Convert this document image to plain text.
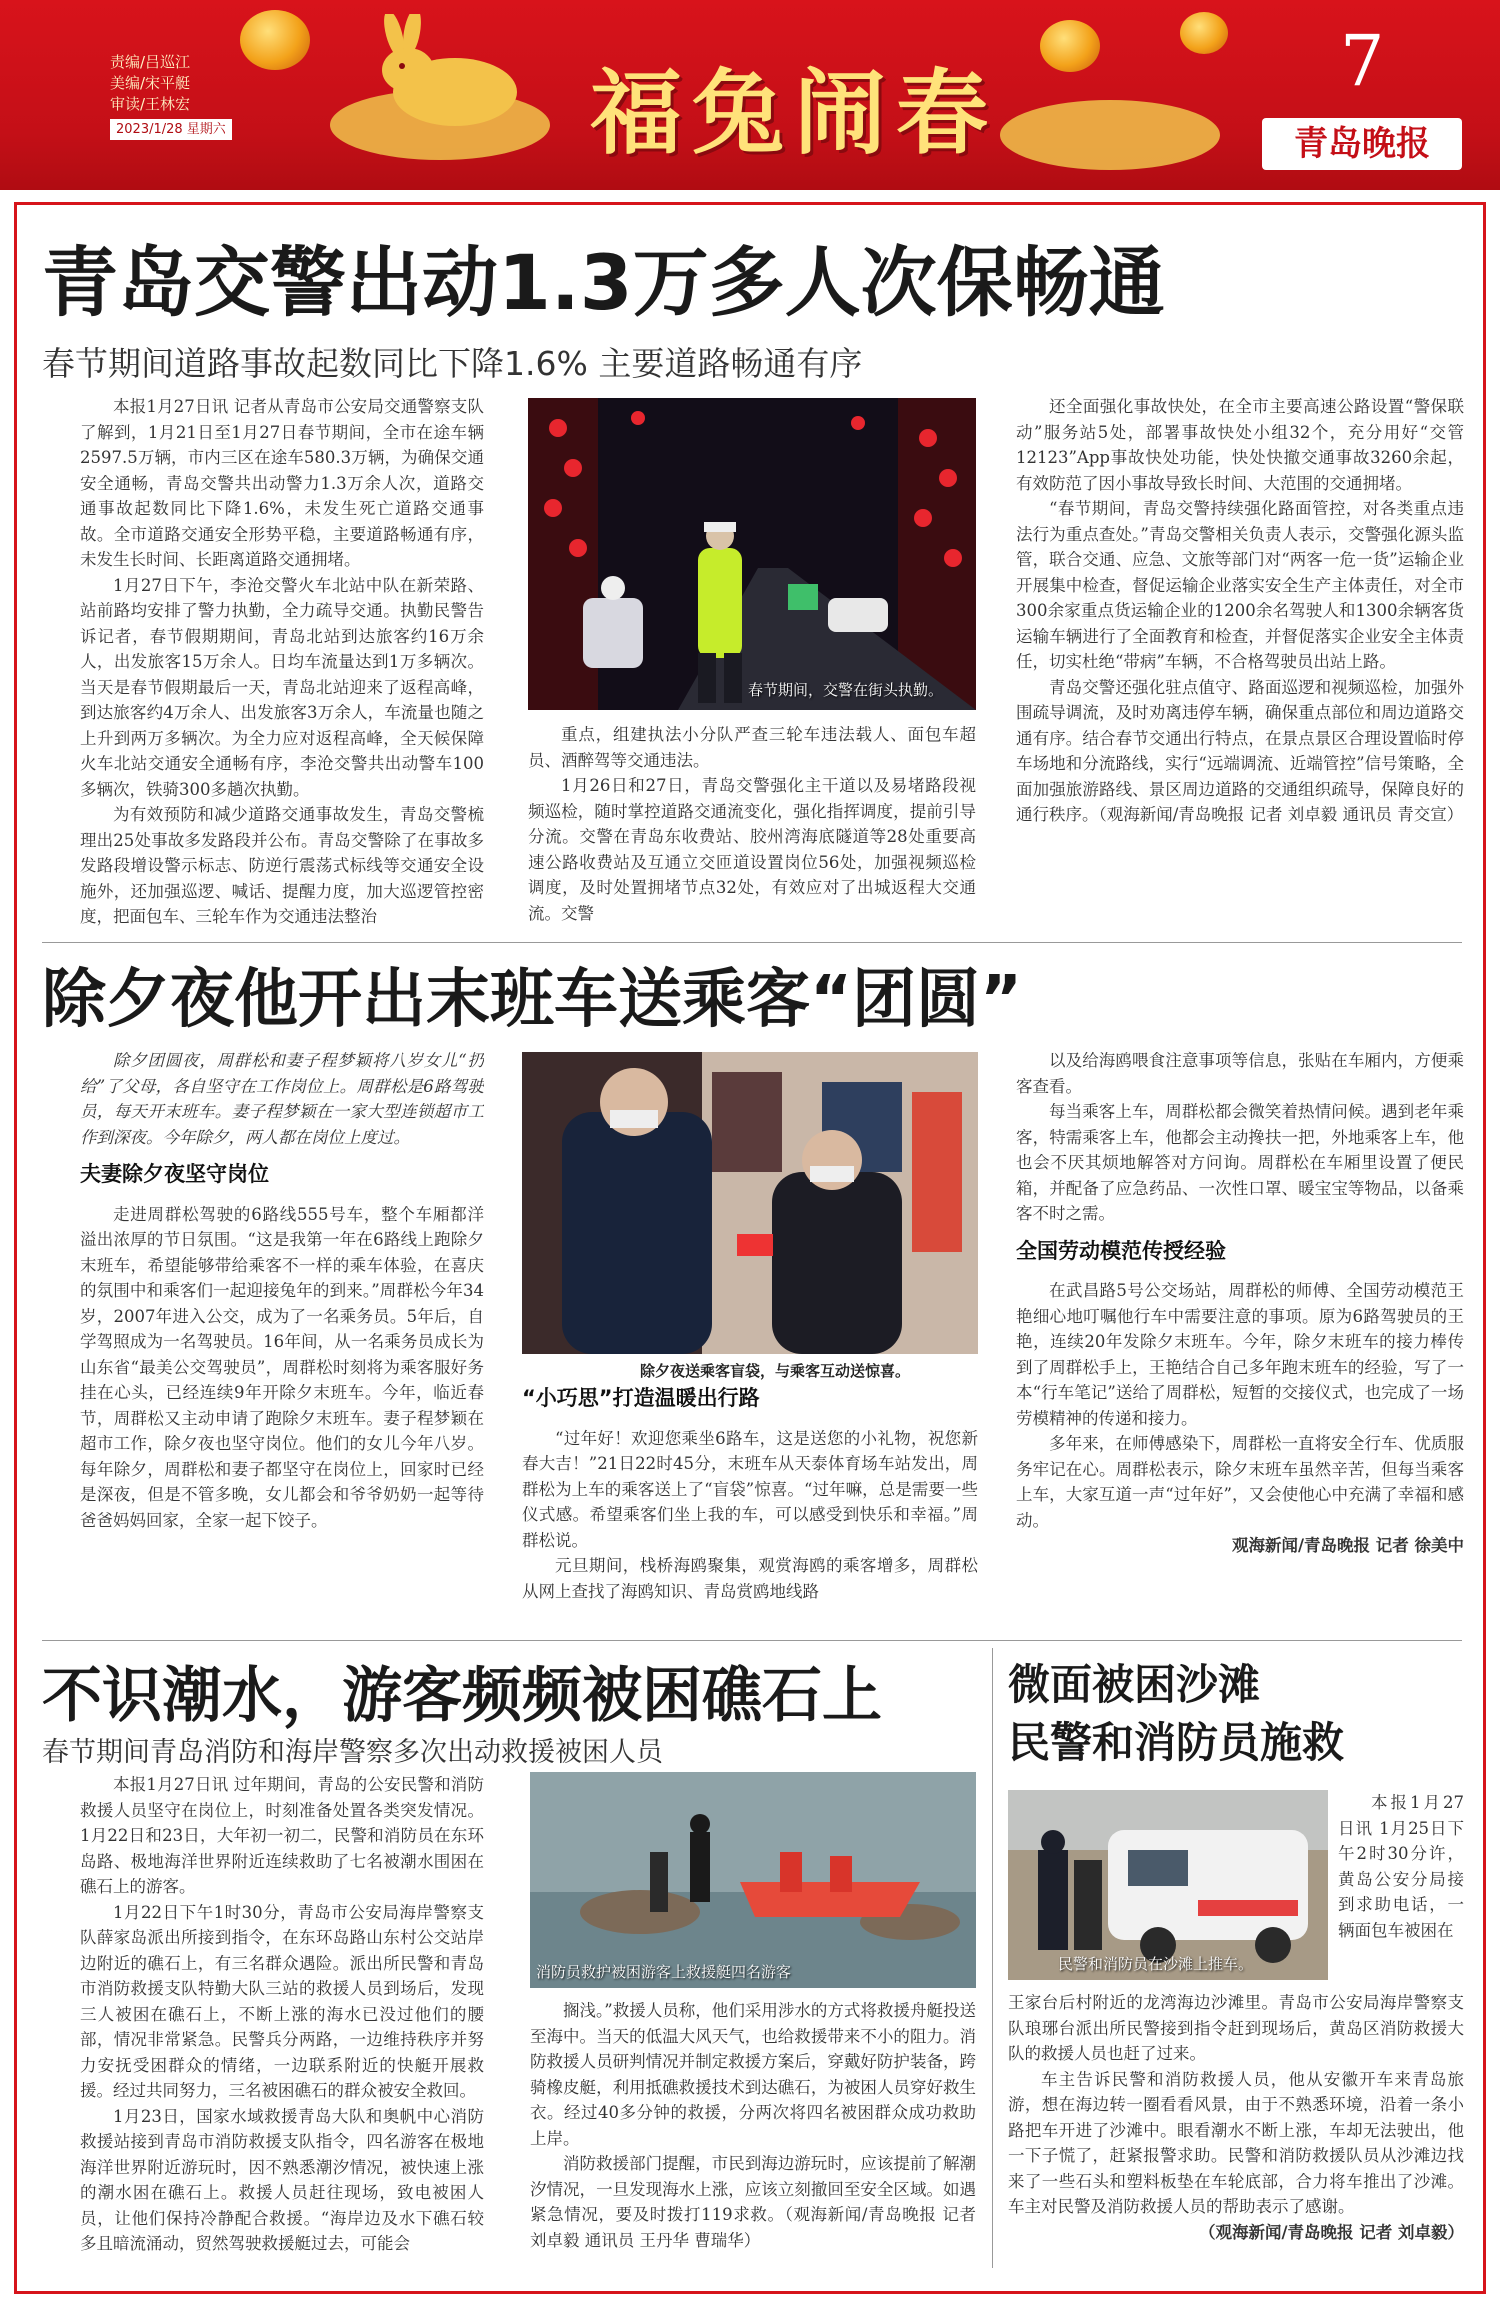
责编/吕巡江
美编/宋平艇
审读/王林宏
2023/1/28 星期六	福兔闹春	7
青岛晚报
青岛交警出动1.3万多人次保畅通
春节期间道路事故起数同比下降1.6% 主要道路畅通有序

本报1月27日讯 记者从青岛市公安局交通警察支队了解到，1月21日至1月27日春节期间，全市在途车辆2597.5万辆，市内三区在途车580.3万辆，为确保交通安全通畅，青岛交警共出动警力1.3万余人次，道路交通事故起数同比下降1.6%，未发生死亡道路交通事故。全市道路交通安全形势平稳，主要道路畅通有序，未发生长时间、长距离道路交通拥堵。

1月27日下午，李沧交警火车北站中队在新荣路、站前路均安排了警力执勤，全力疏导交通。执勤民警告诉记者，春节假期期间，青岛北站到达旅客约16万余人，出发旅客15万余人。日均车流量达到1万多辆次。当天是春节假期最后一天，青岛北站迎来了返程高峰，到达旅客约4万余人、出发旅客3万余人，车流量也随之上升到两万多辆次。为全力应对返程高峰，全天候保障火车北站交通安全通畅有序，李沧交警共出动警车100多辆次，铁骑300多趟次执勤。

为有效预防和减少道路交通事故发生，青岛交警梳理出25处事故多发路段并公布。青岛交警除了在事故多发路段增设警示标志、防逆行震荡式标线等交通安全设施外，还加强巡逻、喊话、提醒力度，加大巡逻管控密度，把面包车、三轮车作为交通违法整治

春节期间，交警在街头执勤。

重点，组建执法小分队严查三轮车违法载人、面包车超员、酒醉驾等交通违法。

1月26日和27日，青岛交警强化主干道以及易堵路段视频巡检，随时掌控道路交通流变化，强化指挥调度，提前引导分流。交警在青岛东收费站、胶州湾海底隧道等28处重要高速公路收费站及互通立交匝道设置岗位56处，加强视频巡检调度，及时处置拥堵节点32处，有效应对了出城返程大交通流。交警

还全面强化事故快处，在全市主要高速公路设置“警保联动”服务站5处，部署事故快处小组32个，充分用好“交管12123”App事故快处功能，快处快撤交通事故3260余起，有效防范了因小事故导致长时间、大范围的交通拥堵。

“春节期间，青岛交警持续强化路面管控，对各类重点违法行为重点查处。”青岛交警相关负责人表示，交警强化源头监管，联合交通、应急、文旅等部门对“两客一危一货”运输企业开展集中检查，督促运输企业落实安全生产主体责任，对全市300余家重点货运输企业的1200余名驾驶人和1300余辆客货运输车辆进行了全面教育和检查，并督促落实企业安全主体责任，切实杜绝“带病”车辆，不合格驾驶员出站上路。

青岛交警还强化驻点值守、路面巡逻和视频巡检，加强外围疏导调流，及时劝离违停车辆，确保重点部位和周边道路交通有序。结合春节交通出行特点，在景点景区合理设置临时停车场地和分流路线，实行“远端调流、近端管控”信号策略，全面加强旅游路线、景区周边道路的交通组织疏导，保障良好的通行秩序。（观海新闻/青岛晚报 记者 刘卓毅 通讯员 青交宣）

除夕夜他开出末班车送乘客“团圆”

除夕团圆夜，周群松和妻子程梦颖将八岁女儿“扔给”了父母，各自坚守在工作岗位上。周群松是6路驾驶员，每天开末班车。妻子程梦颖在一家大型连锁超市工作到深夜。今年除夕，两人都在岗位上度过。

夫妻除夕夜坚守岗位

走进周群松驾驶的6路线555号车，整个车厢都洋溢出浓厚的节日氛围。“这是我第一年在6路线上跑除夕末班车，希望能够带给乘客不一样的乘车体验，在喜庆的氛围中和乘客们一起迎接兔年的到来。”周群松今年34岁，2007年进入公交，成为了一名乘务员。5年后，自学驾照成为一名驾驶员。16年间，从一名乘务员成长为山东省“最美公交驾驶员”，周群松时刻将为乘客服好务挂在心头，已经连续9年开除夕末班车。今年，临近春节，周群松又主动申请了跑除夕末班车。妻子程梦颖在超市工作，除夕夜也坚守岗位。他们的女儿今年八岁。每年除夕，周群松和妻子都坚守在岗位上，回家时已经是深夜，但是不管多晚，女儿都会和爷爷奶奶一起等待爸爸妈妈回家，全家一起下饺子。

除夕夜送乘客盲袋，与乘客互动送惊喜。

“小巧思”打造温暖出行路

“过年好！欢迎您乘坐6路车，这是送您的小礼物，祝您新春大吉！”21日22时45分，末班车从天泰体育场车站发出，周群松为上车的乘客送上了“盲袋”惊喜。“过年嘛，总是需要一些仪式感。希望乘客们坐上我的车，可以感受到快乐和幸福。”周群松说。

元旦期间，栈桥海鸥聚集，观赏海鸥的乘客增多，周群松从网上查找了海鸥知识、青岛赏鸥地线路

以及给海鸥喂食注意事项等信息，张贴在车厢内，方便乘客查看。

每当乘客上车，周群松都会微笑着热情问候。遇到老年乘客，特需乘客上车，他都会主动搀扶一把，外地乘客上车，他也会不厌其烦地解答对方问询。周群松在车厢里设置了便民箱，并配备了应急药品、一次性口罩、暖宝宝等物品，以备乘客不时之需。

全国劳动模范传授经验

在武昌路5号公交场站，周群松的师傅、全国劳动模范王艳细心地叮嘱他行车中需要注意的事项。原为6路驾驶员的王艳，连续20年发除夕末班车。今年，除夕末班车的接力棒传到了周群松手上，王艳结合自己多年跑末班车的经验，写了一本“行车笔记”送给了周群松，短暂的交接仪式，也完成了一场劳模精神的传递和接力。

多年来，在师傅感染下，周群松一直将安全行车、优质服务牢记在心。周群松表示，除夕末班车虽然辛苦，但每当乘客上车，大家互道一声“过年好”，又会使他心中充满了幸福和感动。

观海新闻/青岛晚报 记者 徐美中

不识潮水，游客频频被困礁石上
春节期间青岛消防和海岸警察多次出动救援被困人员

本报1月27日讯 过年期间，青岛的公安民警和消防救援人员坚守在岗位上，时刻准备处置各类突发情况。1月22日和23日，大年初一初二，民警和消防员在东环岛路、极地海洋世界附近连续救助了七名被潮水围困在礁石上的游客。

1月22日下午1时30分，青岛市公安局海岸警察支队薛家岛派出所接到指令，在东环岛路山东村公交站岸边附近的礁石上，有三名群众遇险。派出所民警和青岛市消防救援支队特勤大队三站的救援人员到场后，发现三人被困在礁石上，不断上涨的海水已没过他们的腰部，情况非常紧急。民警兵分两路，一边维持秩序并努力安抚受困群众的情绪，一边联系附近的快艇开展救援。经过共同努力，三名被困礁石的群众被安全救回。

1月23日，国家水域救援青岛大队和奥帆中心消防救援站接到青岛市消防救援支队指令，四名游客在极地海洋世界附近游玩时，因不熟悉潮汐情况，被快速上涨的潮水困在礁石上。救援人员赶往现场，致电被困人员，让他们保持冷静配合救援。“海岸边及水下礁石较多且暗流涌动，贸然驾驶救援艇过去，可能会

消防员救护被困游客上救援艇四名游客

搁浅。”救援人员称，他们采用涉水的方式将救援舟艇投送至海中。当天的低温大风天气，也给救援带来不小的阻力。消防救援人员研判情况并制定救援方案后，穿戴好防护装备，跨骑橡皮艇，利用抵礁救援技术到达礁石，为被困人员穿好救生衣。经过40多分钟的救援，分两次将四名被困群众成功救助上岸。

消防救援部门提醒，市民到海边游玩时，应该提前了解潮汐情况，一旦发现海水上涨，应该立刻撤回至安全区域。如遇紧急情况，要及时拨打119求救。（观海新闻/青岛晚报 记者 刘卓毅 通讯员 王丹华 曹瑞华）

微面被困沙滩
民警和消防员施救
民警和消防员在沙滩上推车。

本报1月27日讯 1月25日下午2时30分许，黄岛公安分局接到求助电话，一辆面包车被困在

王家台后村附近的龙湾海边沙滩里。青岛市公安局海岸警察支队琅琊台派出所民警接到指令赶到现场后，黄岛区消防救援大队的救援人员也赶了过来。

车主告诉民警和消防救援人员，他从安徽开车来青岛旅游，想在海边转一圈看看风景，由于不熟悉环境，沿着一条小路把车开进了沙滩中。眼看潮水不断上涨，车却无法驶出，他一下子慌了，赶紧报警求助。民警和消防救援队员从沙滩边找来了一些石头和塑料板垫在车轮底部，合力将车推出了沙滩。车主对民警及消防救援人员的帮助表示了感谢。

（观海新闻/青岛晚报 记者 刘卓毅）
